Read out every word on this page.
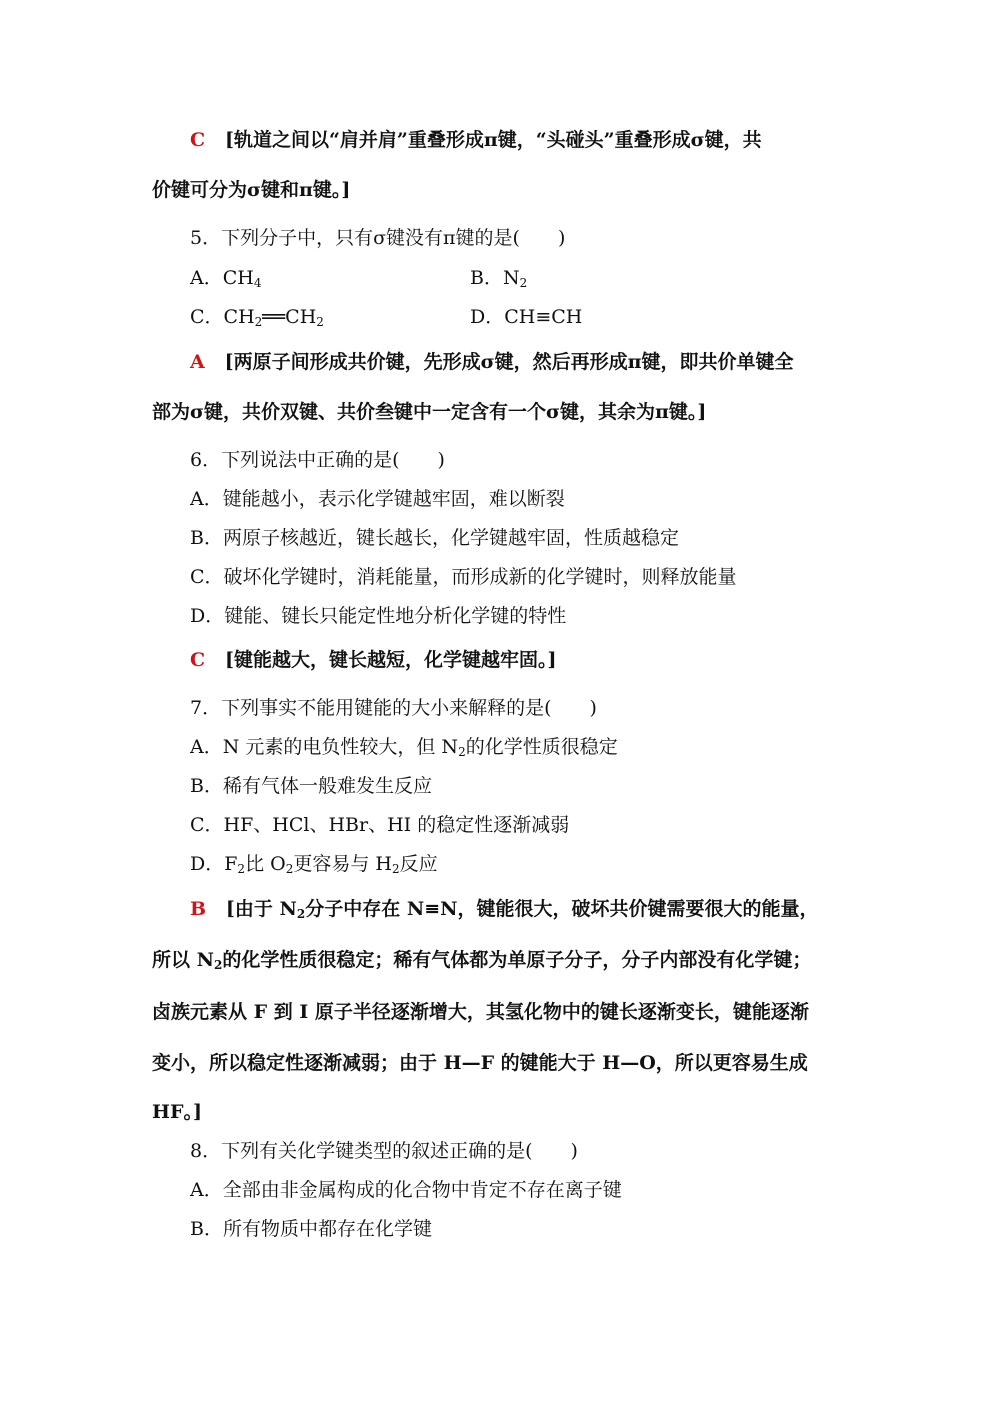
C [轨道之间以“肩并肩”重叠形成π键，“头碰头”重叠形成σ键，共
价键可分为σ键和π键。]
5．下列分子中，只有σ键没有π键的是(　　)
A．$CH_4$	B．$N_2$
C．$CH_2══CH_2$	D．CH≡CH
A [两原子间形成共价键，先形成σ键，然后再形成π键，即共价单键全
部为σ键，共价双键、共价叁键中一定含有一个σ键，其余为π键。]
6．下列说法中正确的是(　　)
A．键能越小，表示化学键越牢固，难以断裂
B．两原子核越近，键长越长，化学键越牢固，性质越稳定
C．破坏化学键时，消耗能量，而形成新的化学键时，则释放能量
D．键能、键长只能定性地分析化学键的特性
C [键能越大，键长越短，化学键越牢固。]
7．下列事实不能用键能的大小来解释的是(　　)
A．N 元素的电负性较大，但 $N_2$的化学性质很稳定
B．稀有气体一般难发生反应
C．HF、HCl、HBr、HI 的稳定性逐渐减弱
D．$F_2$比 $O_2$更容易与 $H_2$反应
B [由于 $N_2$分子中存在 N≡N，键能很大，破坏共价键需要很大的能量，
所以 $N_2$的化学性质很稳定；稀有气体都为单原子分子，分子内部没有化学键；
卤族元素从 F 到 I 原子半径逐渐增大，其氢化物中的键长逐渐变长，键能逐渐
变小，所以稳定性逐渐减弱；由于 H—F 的键能大于 H—O，所以更容易生成
HF。]
8．下列有关化学键类型的叙述正确的是(　　)
A．全部由非金属构成的化合物中肯定不存在离子键
B．所有物质中都存在化学键
